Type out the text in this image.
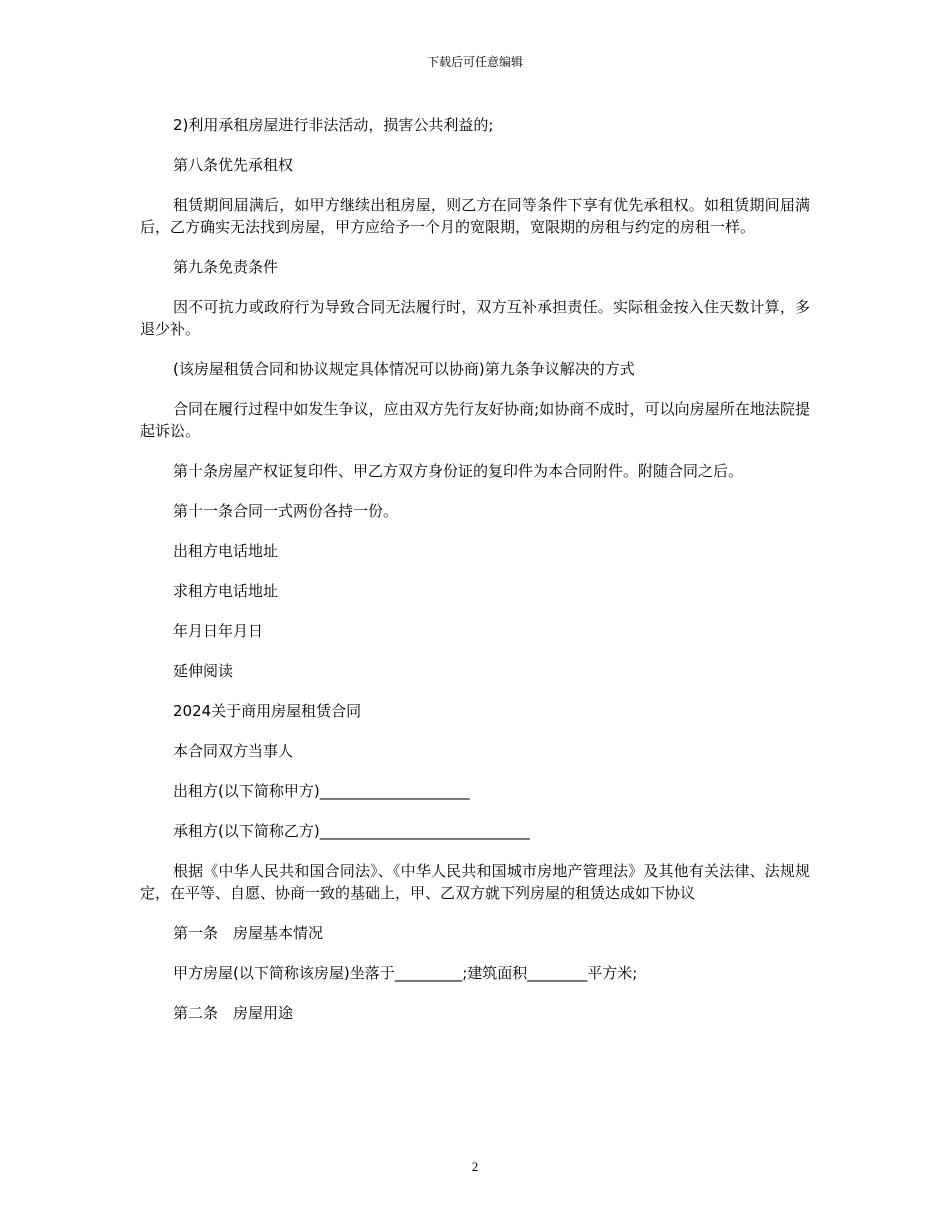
下载后可任意编辑

2)利用承租房屋进行非法活动，损害公共利益的;

第八条优先承租权

租赁期间届满后，如甲方继续出租房屋，则乙方在同等条件下享有优先承租权。如租赁期间届满后，乙方确实无法找到房屋，甲方应给予一个月的宽限期，宽限期的房租与约定的房租一样。

第九条免责条件

因不可抗力或政府行为导致合同无法履行时，双方互补承担责任。实际租金按入住天数计算，多退少补。

(该房屋租赁合同和协议规定具体情况可以协商)第九条争议解决的方式

合同在履行过程中如发生争议，应由双方先行友好协商;如协商不成时，可以向房屋所在地法院提起诉讼。

第十条房屋产权证复印件、甲乙方双方身份证的复印件为本合同附件。附随合同之后。

第十一条合同一式两份各持一份。

出租方电话地址

求租方电话地址

年月日年月日

延伸阅读

2024关于商用房屋租赁合同

本合同双方当事人

出租方(以下简称甲方)____________________

承租方(以下简称乙方)____________________________

根据《中华人民共和国合同法》、《中华人民共和国城市房地产管理法》及其他有关法律、法规规定，在平等、自愿、协商一致的基础上，甲、乙双方就下列房屋的租赁达成如下协议

第一条　房屋基本情况

甲方房屋(以下简称该房屋)坐落于_________;建筑面积________平方米;

第二条　房屋用途

2
